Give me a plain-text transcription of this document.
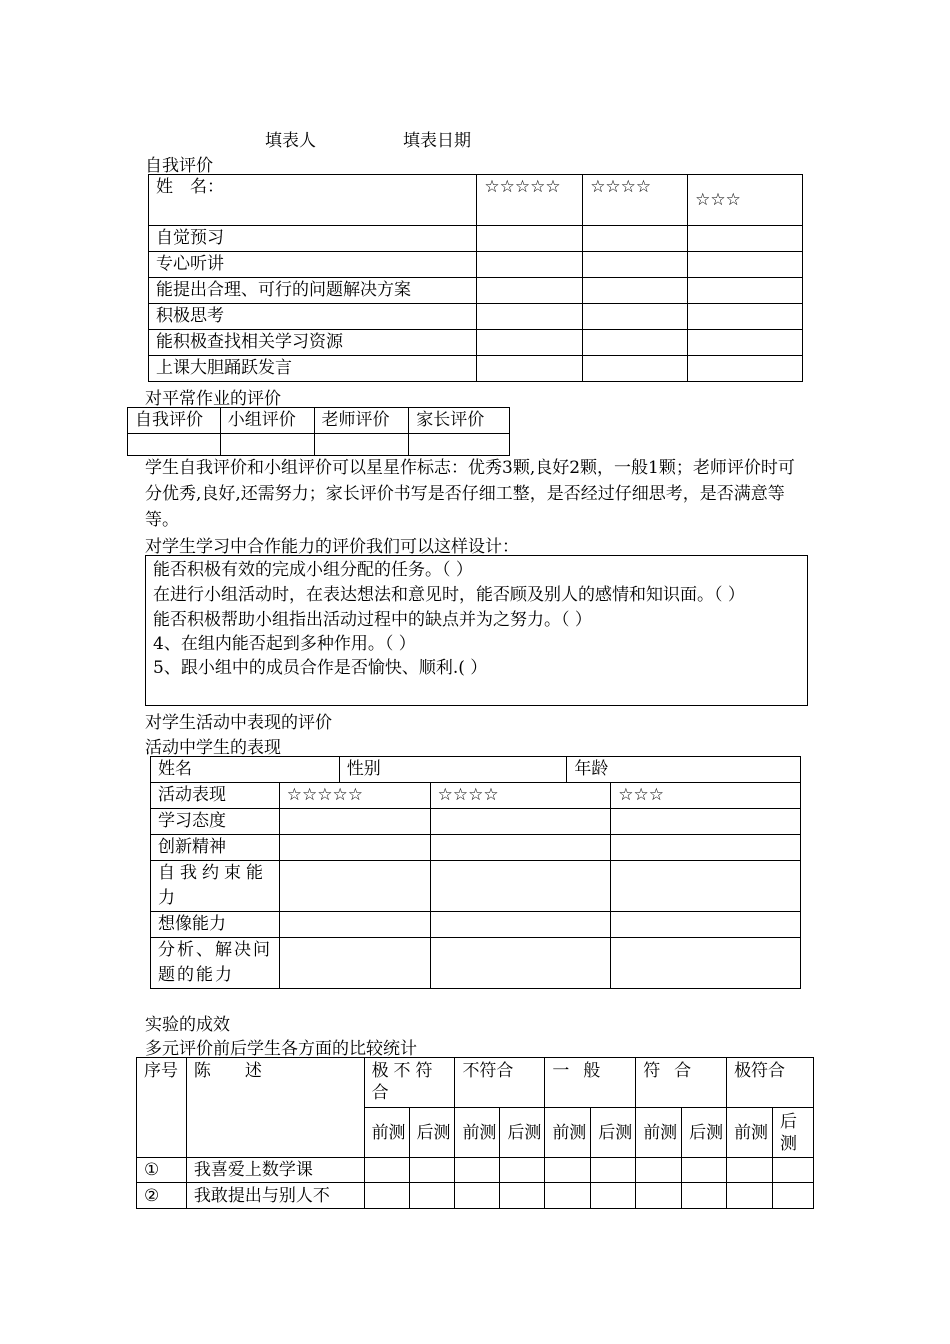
填表人	填表日期
自我评价
姓　名：	☆☆☆☆☆	☆☆☆☆	☆☆☆
自觉预习			
专心听讲			
能提出合理、可行的问题解决方案			
积极思考			
能积极查找相关学习资源			
上课大胆踊跃发言			
对平常作业的评价
自我评价	小组评价	老师评价	家长评价

学生自我评价和小组评价可以星星作标志：优秀3颗,良好2颗，一般1颗；老师评价时可分优秀,良好,还需努力；家长评价书写是否仔细工整，是否经过仔细思考，是否满意等等。
对学生学习中合作能力的评价我们可以这样设计：
能否积极有效的完成小组分配的任务。（ ）
在进行小组活动时，在表达想法和意见时，能否顾及别人的感情和知识面。（ ）
能否积极帮助小组指出活动过程中的缺点并为之努力。（ ）
4、在组内能否起到多种作用。（ ）
5、跟小组中的成员合作是否愉快、顺利.( ）
对学生活动中表现的评价
活动中学生的表现
姓名		性别		年龄	
活动表现	☆☆☆☆☆		☆☆☆☆		☆☆☆
学习态度					
创新精神					
自我约束能力					
想像能力					
分析、解决问题的能力					
实验的成效
多元评价前后学生各方面的比较统计
序号	陈　　述	极不符合		不符合		一般		符合		极符合	
		前测	后测	前测	后测	前测	后测	前测	后测	前测	后测
①	我喜爱上数学课										
②	我敢提出与别人不										
